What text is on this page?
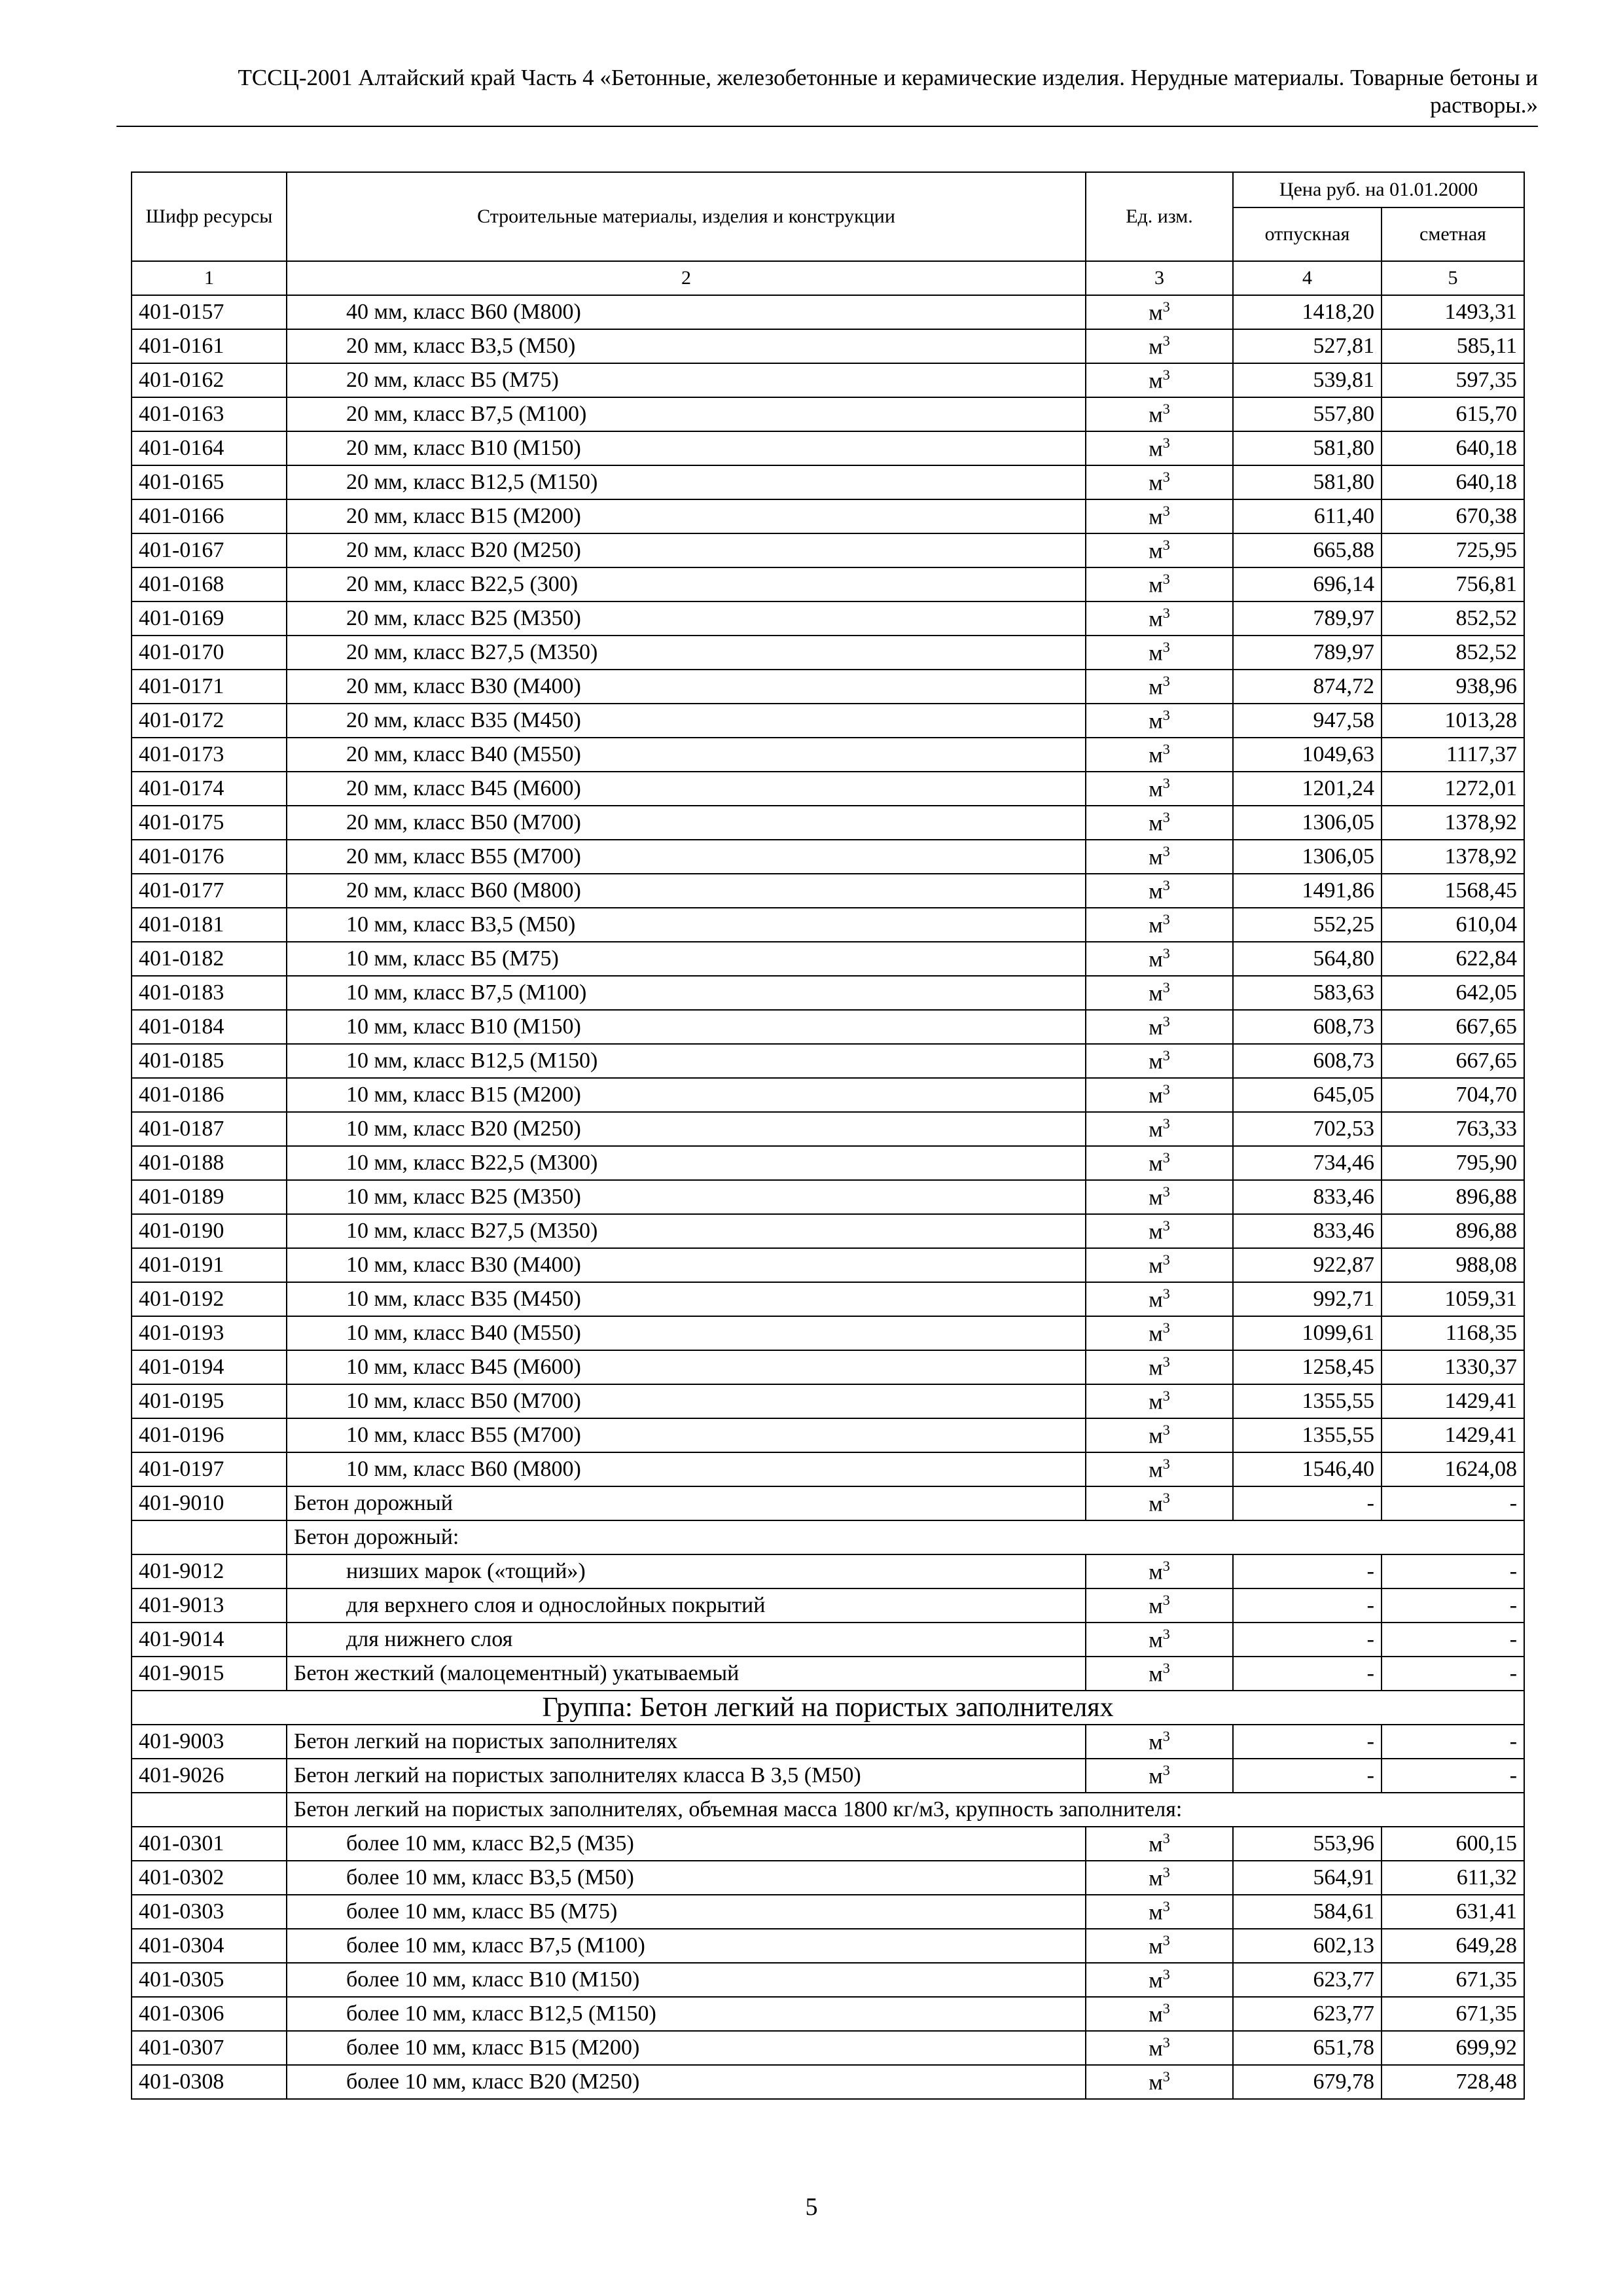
ТССЦ-2001 Алтайский край Часть 4 «Бетонные, железобетонные и керамические изделия. Нерудные материалы. Товарные бетоны и
растворы.»
Шифр ресурсы	Строительные материалы, изделия и конструкции	Ед. изм.	Цена руб. на 01.01.2000	
			отпускная	сметная
1	2	3	4	5
401-0157	40 мм, класс В60 (М800)	$м^3$	1418,20	1493,31
401-0161	20 мм, класс В3,5 (М50)	$м^3$	527,81	585,11
401-0162	20 мм, класс В5 (М75)	$м^3$	539,81	597,35
401-0163	20 мм, класс В7,5 (М100)	$м^3$	557,80	615,70
401-0164	20 мм, класс В10 (М150)	$м^3$	581,80	640,18
401-0165	20 мм, класс В12,5 (М150)	$м^3$	581,80	640,18
401-0166	20 мм, класс В15 (М200)	$м^3$	611,40	670,38
401-0167	20 мм, класс В20 (М250)	$м^3$	665,88	725,95
401-0168	20 мм, класс В22,5 (300)	$м^3$	696,14	756,81
401-0169	20 мм, класс В25 (М350)	$м^3$	789,97	852,52
401-0170	20 мм, класс В27,5 (М350)	$м^3$	789,97	852,52
401-0171	20 мм, класс В30 (М400)	$м^3$	874,72	938,96
401-0172	20 мм, класс В35 (М450)	$м^3$	947,58	1013,28
401-0173	20 мм, класс В40 (М550)	$м^3$	1049,63	1117,37
401-0174	20 мм, класс В45 (М600)	$м^3$	1201,24	1272,01
401-0175	20 мм, класс В50 (М700)	$м^3$	1306,05	1378,92
401-0176	20 мм, класс В55 (М700)	$м^3$	1306,05	1378,92
401-0177	20 мм, класс В60 (М800)	$м^3$	1491,86	1568,45
401-0181	10 мм, класс В3,5 (М50)	$м^3$	552,25	610,04
401-0182	10 мм, класс В5 (М75)	$м^3$	564,80	622,84
401-0183	10 мм, класс В7,5 (М100)	$м^3$	583,63	642,05
401-0184	10 мм, класс В10 (М150)	$м^3$	608,73	667,65
401-0185	10 мм, класс В12,5 (М150)	$м^3$	608,73	667,65
401-0186	10 мм, класс В15 (М200)	$м^3$	645,05	704,70
401-0187	10 мм, класс В20 (М250)	$м^3$	702,53	763,33
401-0188	10 мм, класс В22,5 (М300)	$м^3$	734,46	795,90
401-0189	10 мм, класс В25 (М350)	$м^3$	833,46	896,88
401-0190	10 мм, класс В27,5 (М350)	$м^3$	833,46	896,88
401-0191	10 мм, класс В30 (М400)	$м^3$	922,87	988,08
401-0192	10 мм, класс В35 (М450)	$м^3$	992,71	1059,31
401-0193	10 мм, класс В40 (М550)	$м^3$	1099,61	1168,35
401-0194	10 мм, класс В45 (М600)	$м^3$	1258,45	1330,37
401-0195	10 мм, класс В50 (М700)	$м^3$	1355,55	1429,41
401-0196	10 мм, класс В55 (М700)	$м^3$	1355,55	1429,41
401-0197	10 мм, класс В60 (М800)	$м^3$	1546,40	1624,08
401-9010	Бетон дорожный	$м^3$	-	-
	Бетон дорожный:			
401-9012	низших марок («тощий»)	$м^3$	-	-
401-9013	для верхнего слоя и однослойных покрытий	$м^3$	-	-
401-9014	для нижнего слоя	$м^3$	-	-
401-9015	Бетон жесткий (малоцементный) укатываемый	$м^3$	-	-
Группа: Бетон легкий на пористых заполнителях				
401-9003	Бетон легкий на пористых заполнителях	$м^3$	-	-
401-9026	Бетон легкий на пористых заполнителях класса В 3,5 (М50)	$м^3$	-	-
	Бетон легкий на пористых заполнителях, объемная масса 1800 кг/м3, крупность заполнителя:			
401-0301	более 10 мм, класс В2,5 (М35)	$м^3$	553,96	600,15
401-0302	более 10 мм, класс В3,5 (М50)	$м^3$	564,91	611,32
401-0303	более 10 мм, класс В5 (М75)	$м^3$	584,61	631,41
401-0304	более 10 мм, класс В7,5 (М100)	$м^3$	602,13	649,28
401-0305	более 10 мм, класс В10 (М150)	$м^3$	623,77	671,35
401-0306	более 10 мм, класс В12,5 (М150)	$м^3$	623,77	671,35
401-0307	более 10 мм, класс В15 (М200)	$м^3$	651,78	699,92
401-0308	более 10 мм, класс В20 (М250)	$м^3$	679,78	728,48
5
